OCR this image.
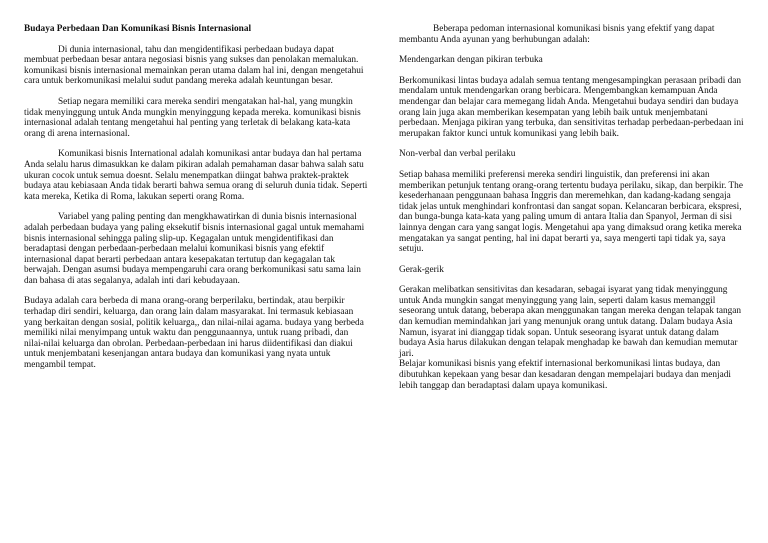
Budaya Perbedaan Dan Komunikasi Bisnis Internasional

Di dunia internasional, tahu dan mengidentifikasi perbedaan budaya dapat membuat perbedaan besar antara negosiasi bisnis yang sukses dan penolakan memalukan. komunikasi bisnis internasional memainkan peran utama dalam hal ini, dengan mengetahui cara untuk berkomunikasi melalui sudut pandang mereka adalah keuntungan besar.

Setiap negara memiliki cara mereka sendiri mengatakan hal-hal, yang mungkin tidak menyinggung untuk Anda mungkin menyinggung kepada mereka. komunikasi bisnis internasional adalah tentang mengetahui hal penting yang terletak di belakang kata-kata orang di arena internasional.

Komunikasi bisnis International adalah komunikasi antar budaya dan hal pertama Anda selalu harus dimasukkan ke dalam pikiran adalah pemahaman dasar bahwa salah satu ukuran cocok untuk semua doesnt. Selalu menempatkan diingat bahwa praktek-praktek budaya atau kebiasaan Anda tidak berarti bahwa semua orang di seluruh dunia tidak. Seperti kata mereka, Ketika di Roma, lakukan seperti orang Roma.

Variabel yang paling penting dan mengkhawatirkan di dunia bisnis internasional adalah perbedaan budaya yang paling eksekutif bisnis internasional gagal untuk memahami bisnis internasional sehingga paling slip-up. Kegagalan untuk mengidentifikasi dan beradaptasi dengan perbedaan-perbedaan melalui komunikasi bisnis yang efektif internasional dapat berarti perbedaan antara kesepakatan tertutup dan kegagalan tak berwajah. Dengan asumsi budaya mempengaruhi cara orang berkomunikasi satu sama lain dan bahasa di atas segalanya, adalah inti dari kebudayaan.

Budaya adalah cara berbeda di mana orang-orang berperilaku, bertindak, atau berpikir terhadap diri sendiri, keluarga, dan orang lain dalam masyarakat. Ini termasuk kebiasaan yang berkaitan dengan sosial, politik keluarga,, dan nilai-nilai agama. budaya yang berbeda memiliki nilai menyimpang untuk waktu dan penggunaannya, untuk ruang pribadi, dan nilai-nilai keluarga dan obrolan. Perbedaan-perbedaan ini harus diidentifikasi dan diakui untuk menjembatani kesenjangan antara budaya dan komunikasi yang nyata untuk mengambil tempat.

Beberapa pedoman internasional komunikasi bisnis yang efektif yang dapat membantu Anda ayunan yang berhubungan adalah:

Mendengarkan dengan pikiran terbuka

Berkomunikasi lintas budaya adalah semua tentang mengesampingkan perasaan pribadi dan mendalam untuk mendengarkan orang berbicara. Mengembangkan kemampuan Anda mendengar dan belajar cara memegang lidah Anda. Mengetahui budaya sendiri dan budaya orang lain juga akan memberikan kesempatan yang lebih baik untuk menjembatani perbedaan. Menjaga pikiran yang terbuka, dan sensitivitas terhadap perbedaan-perbedaan ini merupakan faktor kunci untuk komunikasi yang lebih baik.

Non-verbal dan verbal perilaku

Setiap bahasa memiliki preferensi mereka sendiri linguistik, dan preferensi ini akan memberikan petunjuk tentang orang-orang tertentu budaya perilaku, sikap, dan berpikir. The kesederhanaan penggunaan bahasa Inggris dan meremehkan, dan kadang-kadang sengaja tidak jelas untuk menghindari konfrontasi dan sangat sopan. Kelancaran berbicara, ekspresi, dan bunga-bunga kata-kata yang paling umum di antara Italia dan Spanyol, Jerman di sisi lainnya dengan cara yang sangat logis. Mengetahui apa yang dimaksud orang ketika mereka mengatakan ya sangat penting, hal ini dapat berarti ya, saya mengerti tapi tidak ya, saya setuju.

Gerak-gerik

Gerakan melibatkan sensitivitas dan kesadaran, sebagai isyarat yang tidak menyinggung untuk Anda mungkin sangat menyinggung yang lain, seperti dalam kasus memanggil seseorang untuk datang, beberapa akan menggunakan tangan mereka dengan telapak tangan dan kemudian memindahkan jari yang menunjuk orang untuk datang. Dalam budaya Asia Namun, isyarat ini dianggap tidak sopan. Untuk seseorang isyarat untuk datang dalam budaya Asia harus dilakukan dengan telapak menghadap ke bawah dan kemudian memutar jari.

Belajar komunikasi bisnis yang efektif internasional berkomunikasi lintas budaya, dan dibutuhkan kepekaan yang besar dan kesadaran dengan mempelajari budaya dan menjadi lebih tanggap dan beradaptasi dalam upaya komunikasi.
